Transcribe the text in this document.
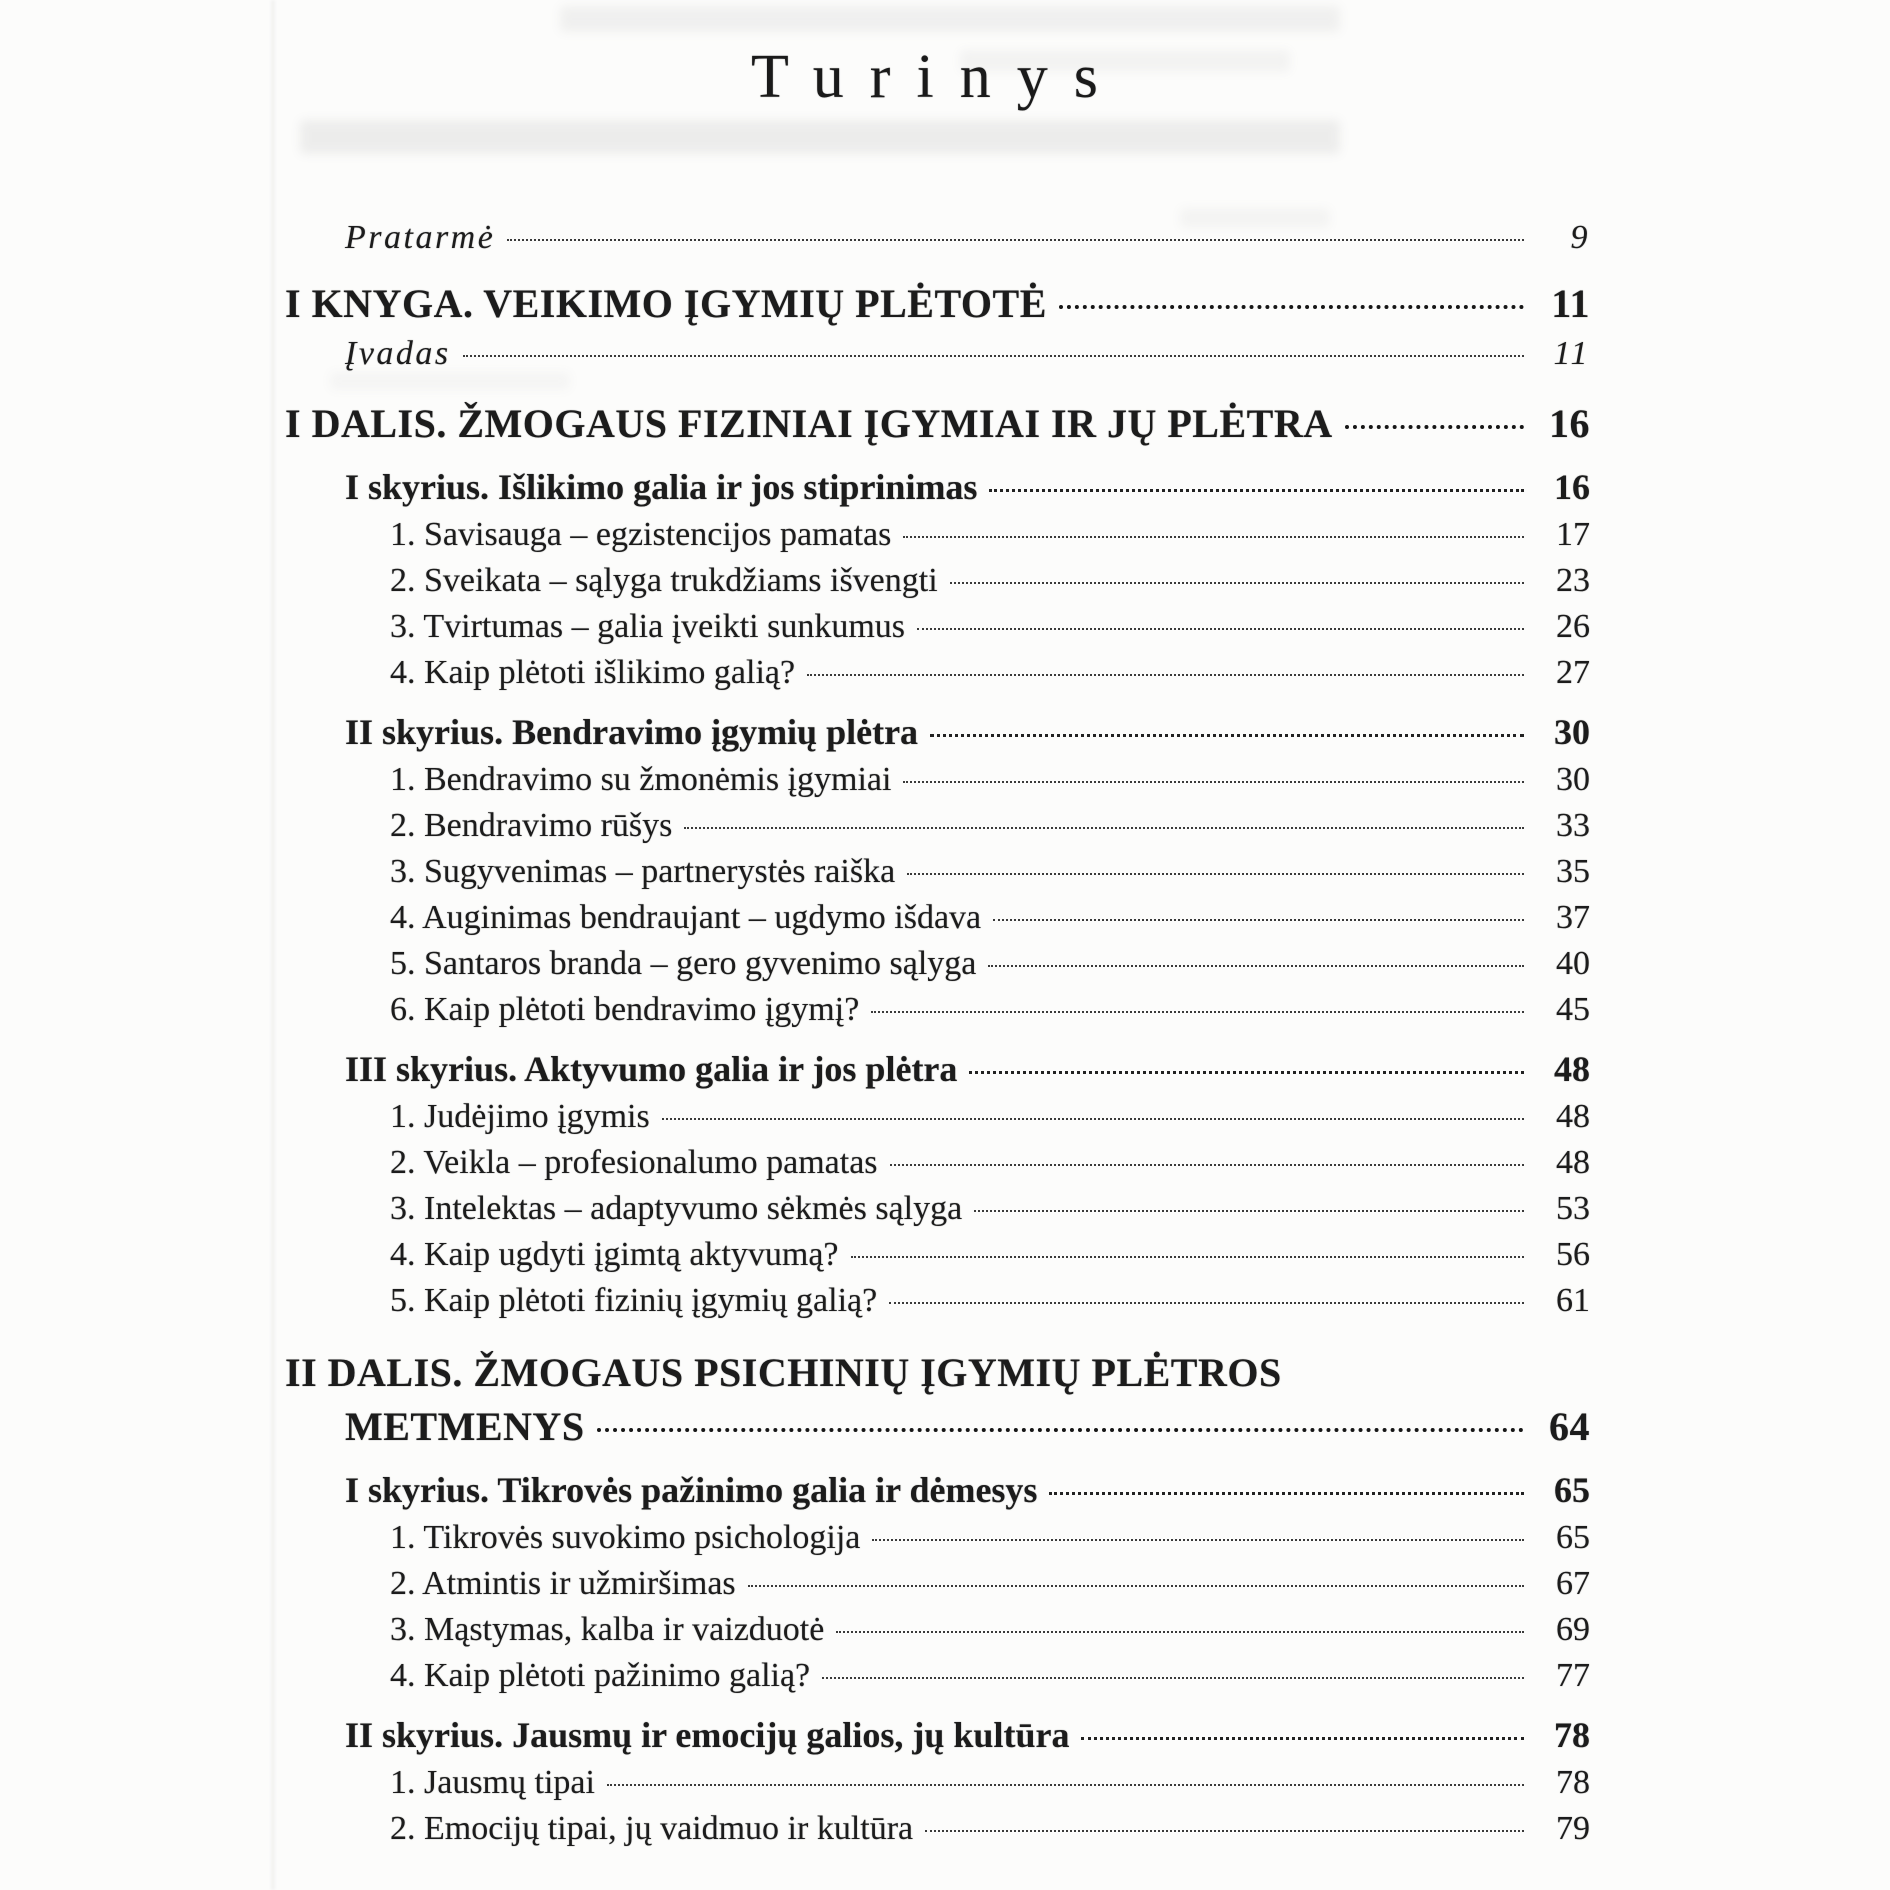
Turinys
Pratarmė	9
I KNYGA. VEIKIMO ĮGYMIŲ PLĖTOTĖ	11
Įvadas	11
I DALIS. ŽMOGAUS FIZINIAI ĮGYMIAI IR JŲ PLĖTRA	16
I skyrius. Išlikimo galia ir jos stiprinimas	16
1. Savisauga – egzistencijos pamatas	17
2. Sveikata – sąlyga trukdžiams išvengti	23
3. Tvirtumas – galia įveikti sunkumus	26
4. Kaip plėtoti išlikimo galią?	27
II skyrius. Bendravimo įgymių plėtra	30
1. Bendravimo su žmonėmis įgymiai	30
2. Bendravimo rūšys	33
3. Sugyvenimas – partnerystės raiška	35
4. Auginimas bendraujant – ugdymo išdava	37
5. Santaros branda – gero gyvenimo sąlyga	40
6. Kaip plėtoti bendravimo įgymį?	45
III skyrius. Aktyvumo galia ir jos plėtra	48
1. Judėjimo įgymis	48
2. Veikla – profesionalumo pamatas	48
3. Intelektas – adaptyvumo sėkmės sąlyga	53
4. Kaip ugdyti įgimtą aktyvumą?	56
5. Kaip plėtoti fizinių įgymių galią?	61
II DALIS. ŽMOGAUS PSICHINIŲ ĮGYMIŲ PLĖTROS
METMENYS	64
I skyrius. Tikrovės pažinimo galia ir dėmesys	65
1. Tikrovės suvokimo psichologija	65
2. Atmintis ir užmiršimas	67
3. Mąstymas, kalba ir vaizduotė	69
4. Kaip plėtoti pažinimo galią?	77
II skyrius. Jausmų ir emocijų galios, jų kultūra	78
1. Jausmų tipai	78
2. Emocijų tipai, jų vaidmuo ir kultūra	79
